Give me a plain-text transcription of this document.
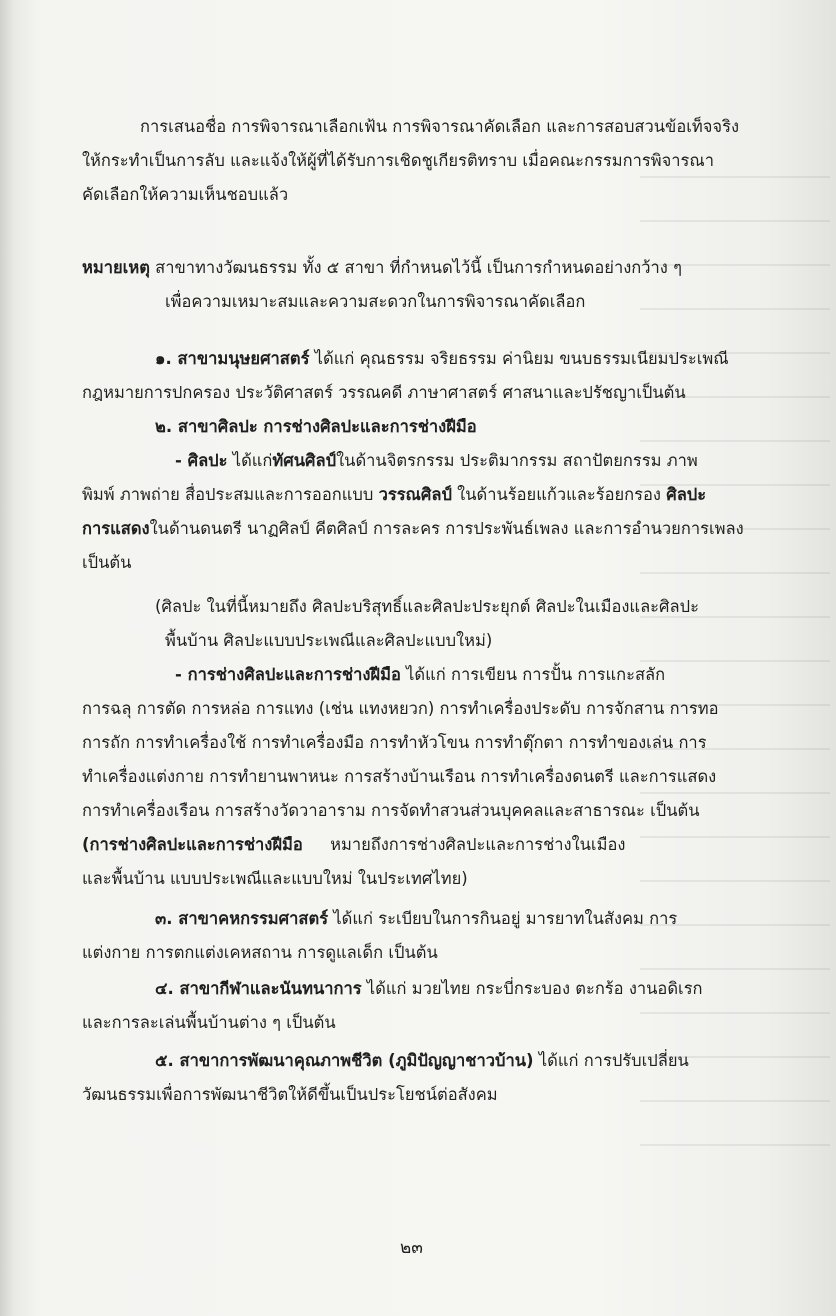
การเสนอชื่อ การพิจารณาเลือกเฟ้น การพิจารณาคัดเลือก และการสอบสวนข้อเท็จจริง
ให้กระทำเป็นการลับ และแจ้งให้ผู้ที่ได้รับการเชิดชูเกียรติทราบ เมื่อคณะกรรมการพิจารณา
คัดเลือกให้ความเห็นชอบแล้ว
หมายเหตุ สาขาทางวัฒนธรรม ทั้ง ๕ สาขา ที่กำหนดไว้นี้ เป็นการกำหนดอย่างกว้าง ๆ
เพื่อความเหมาะสมและความสะดวกในการพิจารณาคัดเลือก
๑. สาขามนุษยศาสตร์ ได้แก่ คุณธรรม จริยธรรม ค่านิยม ขนบธรรมเนียมประเพณี
กฎหมายการปกครอง ประวัติศาสตร์ วรรณคดี ภาษาศาสตร์ ศาสนาและปรัชญาเป็นต้น
๒. สาขาศิลปะ การช่างศิลปะและการช่างฝีมือ
- ศิลปะ ได้แก่ทัศนศิลป์ในด้านจิตรกรรม ประติมากรรม สถาปัตยกรรม ภาพ
พิมพ์ ภาพถ่าย สื่อประสมและการออกแบบ วรรณศิลป์ ในด้านร้อยแก้วและร้อยกรอง ศิลปะ
การแสดงในด้านดนตรี นาฏศิลป์ คีตศิลป์ การละคร การประพันธ์เพลง และการอำนวยการเพลง
เป็นต้น
(ศิลปะ ในที่นี้หมายถึง ศิลปะบริสุทธิ์และศิลปะประยุกต์ ศิลปะในเมืองและศิลปะ
พื้นบ้าน ศิลปะแบบประเพณีและศิลปะแบบใหม่)
- การช่างศิลปะและการช่างฝีมือ ได้แก่ การเขียน การปั้น การแกะสลัก
การฉลุ การตัด การหล่อ การแทง (เช่น แทงหยวก) การทำเครื่องประดับ การจักสาน การทอ
การถัก การทำเครื่องใช้ การทำเครื่องมือ การทำหัวโขน การทำตุ๊กตา การทำของเล่น การ
ทำเครื่องแต่งกาย การทำยานพาหนะ การสร้างบ้านเรือน การทำเครื่องดนตรี และการแสดง
การทำเครื่องเรือน การสร้างวัดวาอาราม การจัดทำสวนส่วนบุคคลและสาธารณะ เป็นต้น
(การช่างศิลปะและการช่างฝีมือ หมายถึงการช่างศิลปะและการช่างในเมือง
และพื้นบ้าน แบบประเพณีและแบบใหม่ ในประเทศไทย)
๓. สาขาคหกรรมศาสตร์ ได้แก่ ระเบียบในการกินอยู่ มารยาทในสังคม การ
แต่งกาย การตกแต่งเคหสถาน การดูแลเด็ก เป็นต้น
๔. สาขากีฬาและนันทนาการ ได้แก่ มวยไทย กระบี่กระบอง ตะกร้อ งานอดิเรก
และการละเล่นพื้นบ้านต่าง ๆ เป็นต้น
๕. สาขาการพัฒนาคุณภาพชีวิต (ภูมิปัญญาชาวบ้าน) ได้แก่ การปรับเปลี่ยน
วัฒนธรรมเพื่อการพัฒนาชีวิตให้ดีขึ้นเป็นประโยชน์ต่อสังคม
๒๓
